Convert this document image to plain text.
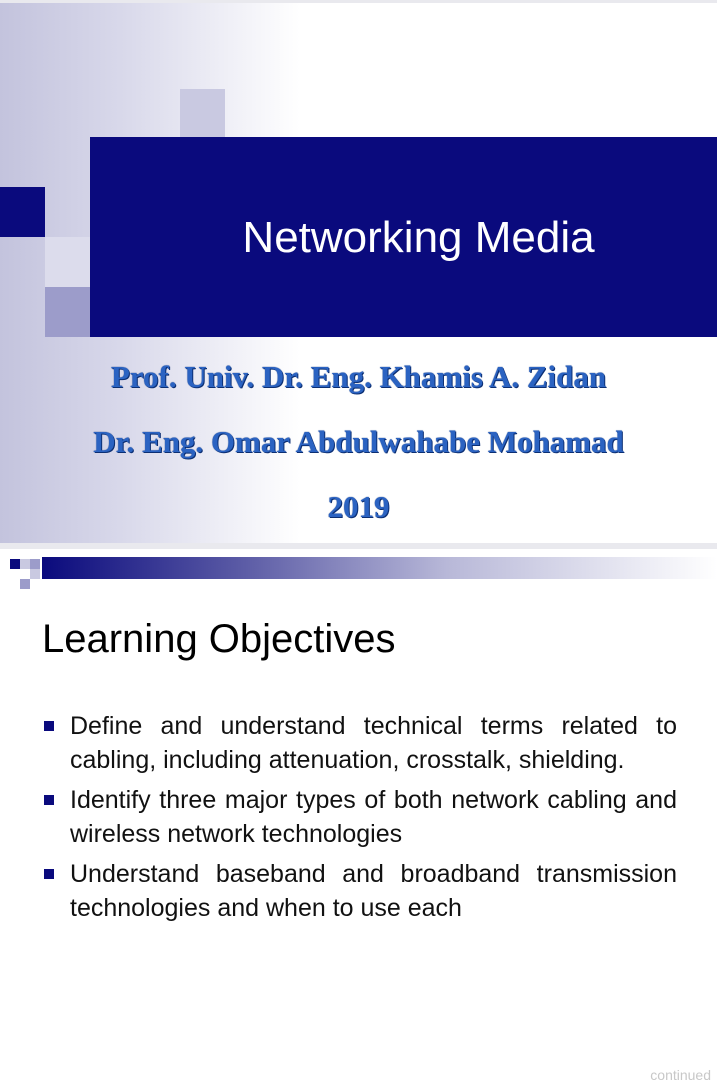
Networking Media
Prof. Univ. Dr. Eng. Khamis A. Zidan
Dr. Eng. Omar Abdulwahabe Mohamad
2019
Learning Objectives
Define and understand technical terms related to cabling, including attenuation, crosstalk, shielding.
Identify three major types of both network cabling and wireless network technologies
Understand baseband and broadband transmission technologies and when to use each
continued
